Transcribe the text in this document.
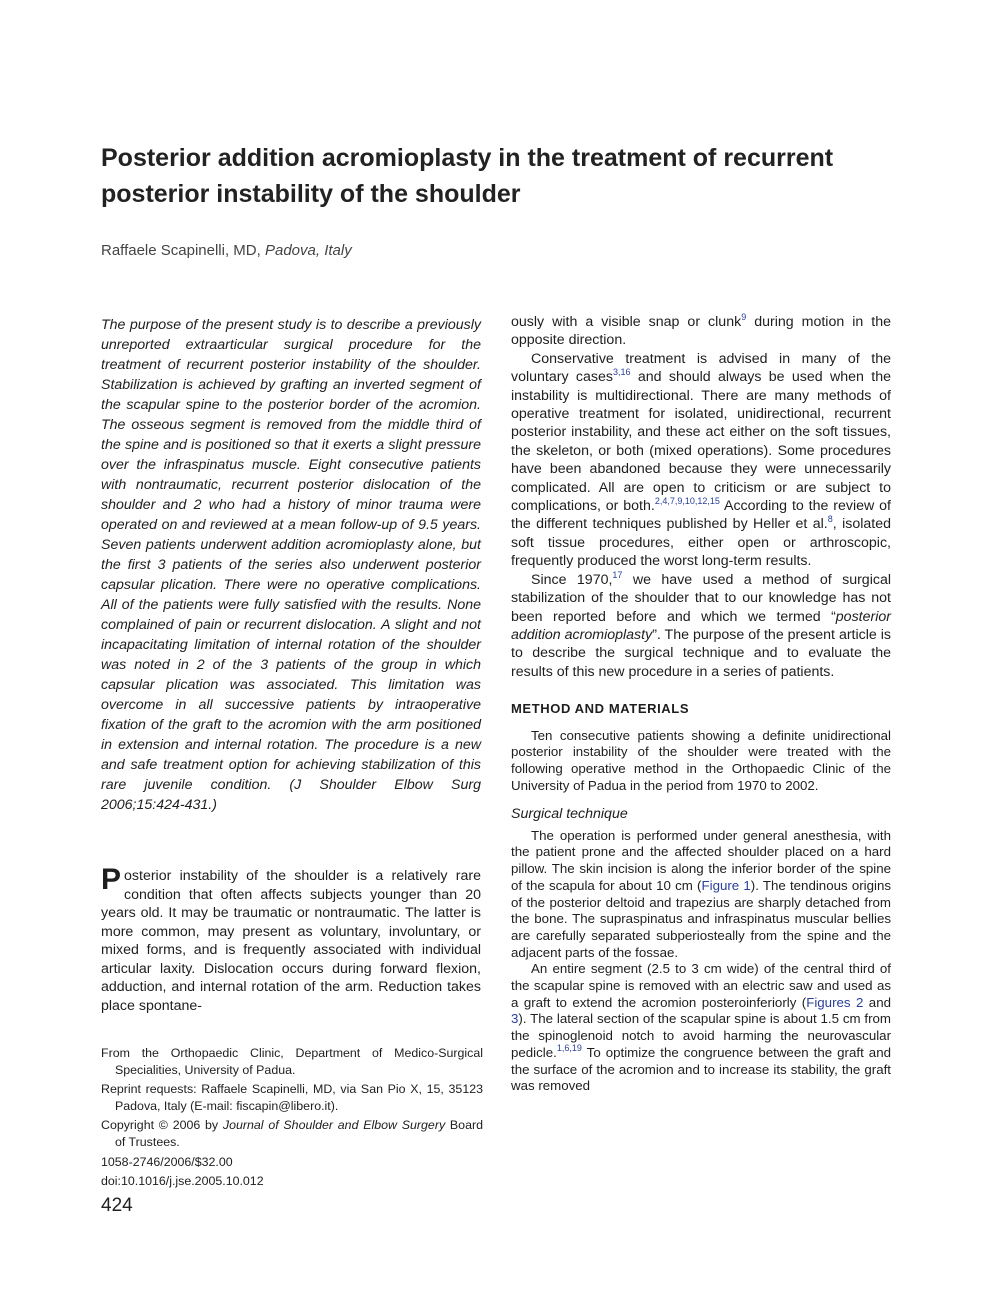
Posterior addition acromioplasty in the treatment of recurrent posterior instability of the shoulder
Raffaele Scapinelli, MD, Padova, Italy

The purpose of the present study is to describe a previously unreported extraarticular surgical procedure for the treatment of recurrent posterior instability of the shoulder. Stabilization is achieved by grafting an inverted segment of the scapular spine to the posterior border of the acromion. The osseous segment is removed from the middle third of the spine and is positioned so that it exerts a slight pressure over the infraspinatus muscle. Eight consecutive patients with nontraumatic, recurrent posterior dislocation of the shoulder and 2 who had a history of minor trauma were operated on and reviewed at a mean follow-up of 9.5 years. Seven patients underwent addition acromioplasty alone, but the first 3 patients of the series also underwent posterior capsular plication. There were no operative complications. All of the patients were fully satisfied with the results. None complained of pain or recurrent dislocation. A slight and not incapacitating limitation of internal rotation of the shoulder was noted in 2 of the 3 patients of the group in which capsular plication was associated. This limitation was overcome in all successive patients by intraoperative fixation of the graft to the acromion with the arm positioned in extension and internal rotation. The procedure is a new and safe treatment option for achieving stabilization of this rare juvenile condition. (J Shoulder Elbow Surg 2006;15:424-431.)

Posterior instability of the shoulder is a relatively rare condition that often affects subjects younger than 20 years old. It may be traumatic or nontraumatic. The latter is more common, may present as voluntary, involuntary, or mixed forms, and is frequently associated with individual articular laxity. Dislocation occurs during forward flexion, adduction, and internal rotation of the arm. Reduction takes place spontane-

From the Orthopaedic Clinic, Department of Medico-Surgical Specialities, University of Padua.

Reprint requests: Raffaele Scapinelli, MD, via San Pio X, 15, 35123 Padova, Italy (E-mail: fiscapin@libero.it).

Copyright © 2006 by Journal of Shoulder and Elbow Surgery Board of Trustees.

1058-2746/2006/$32.00

doi:10.1016/j.jse.2005.10.012

424

ously with a visible snap or clunk$^9$ during motion in the opposite direction.

Conservative treatment is advised in many of the voluntary cases$^{3,16}$ and should always be used when the instability is multidirectional. There are many methods of operative treatment for isolated, unidirectional, recurrent posterior instability, and these act either on the soft tissues, the skeleton, or both (mixed operations). Some procedures have been abandoned because they were unnecessarily complicated. All are open to criticism or are subject to complications, or both.$^{2,4,7,9,10,12,15}$ According to the review of the different techniques published by Heller et al.$^8$, isolated soft tissue procedures, either open or arthroscopic, frequently produced the worst long-term results.

Since 1970,17 we have used a method of surgical stabilization of the shoulder that to our knowledge has not been reported before and which we termed “posterior addition acromioplasty”. The purpose of the present article is to describe the surgical technique and to evaluate the results of this new procedure in a series of patients.

METHOD AND MATERIALS

Ten consecutive patients showing a definite unidirectional posterior instability of the shoulder were treated with the following operative method in the Orthopaedic Clinic of the University of Padua in the period from 1970 to 2002.

Surgical technique

The operation is performed under general anesthesia, with the patient prone and the affected shoulder placed on a hard pillow. The skin incision is along the inferior border of the spine of the scapula for about 10 cm (Figure 1). The tendinous origins of the posterior deltoid and trapezius are sharply detached from the bone. The supraspinatus and infraspinatus muscular bellies are carefully separated subperiosteally from the spine and the adjacent parts of the fossae.

An entire segment (2.5 to 3 cm wide) of the central third of the scapular spine is removed with an electric saw and used as a graft to extend the acromion posteroinferiorly (Figures 2 and 3). The lateral section of the scapular spine is about 1.5 cm from the spinoglenoid notch to avoid harming the neurovascular pedicle.$^{1,6,19}$ To optimize the congruence between the graft and the surface of the acromion and to increase its stability, the graft was removed
